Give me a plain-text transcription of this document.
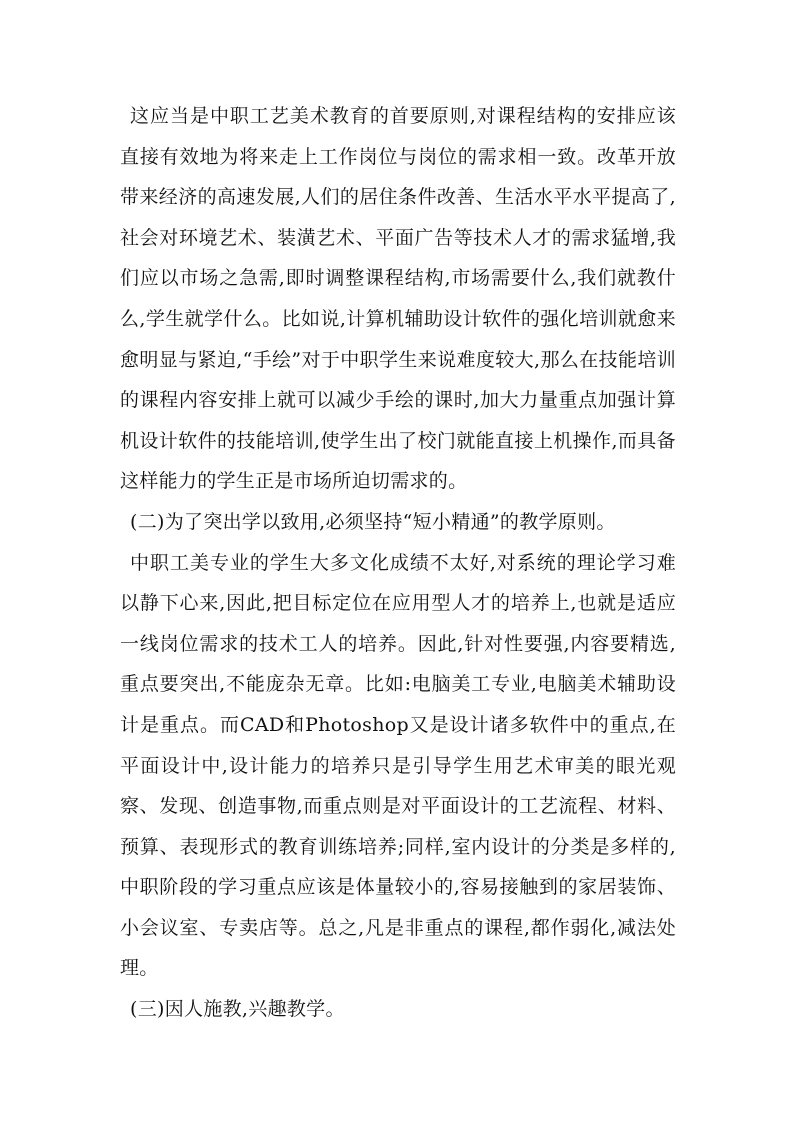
这应当是中职工艺美术教育的首要原则,对课程结构的安排应该直接有效地为将来走上工作岗位与岗位的需求相一致。改革开放带来经济的高速发展,人们的居住条件改善、生活水平水平提高了,社会对环境艺术、装潢艺术、平面广告等技术人才的需求猛增,我们应以市场之急需,即时调整课程结构,市场需要什么,我们就教什么,学生就学什么。比如说,计算机辅助设计软件的强化培训就愈来愈明显与紧迫,“手绘”对于中职学生来说难度较大,那么在技能培训的课程内容安排上就可以减少手绘的课时,加大力量重点加强计算机设计软件的技能培训,使学生出了校门就能直接上机操作,而具备这样能力的学生正是市场所迫切需求的。

(二)为了突出学以致用,必须坚持“短小精通”的教学原则。

中职工美专业的学生大多文化成绩不太好,对系统的理论学习难以静下心来,因此,把目标定位在应用型人才的培养上,也就是适应一线岗位需求的技术工人的培养。因此,针对性要强,内容要精选,重点要突出,不能庞杂无章。比如:电脑美工专业,电脑美术辅助设计是重点。而CAD和Photoshop又是设计诸多软件中的重点,在平面设计中,设计能力的培养只是引导学生用艺术审美的眼光观察、发现、创造事物,而重点则是对平面设计的工艺流程、材料、预算、表现形式的教育训练培养;同样,室内设计的分类是多样的,中职阶段的学习重点应该是体量较小的,容易接触到的家居装饰、小会议室、专卖店等。总之,凡是非重点的课程,都作弱化,减法处理。

(三)因人施教,兴趣教学。
